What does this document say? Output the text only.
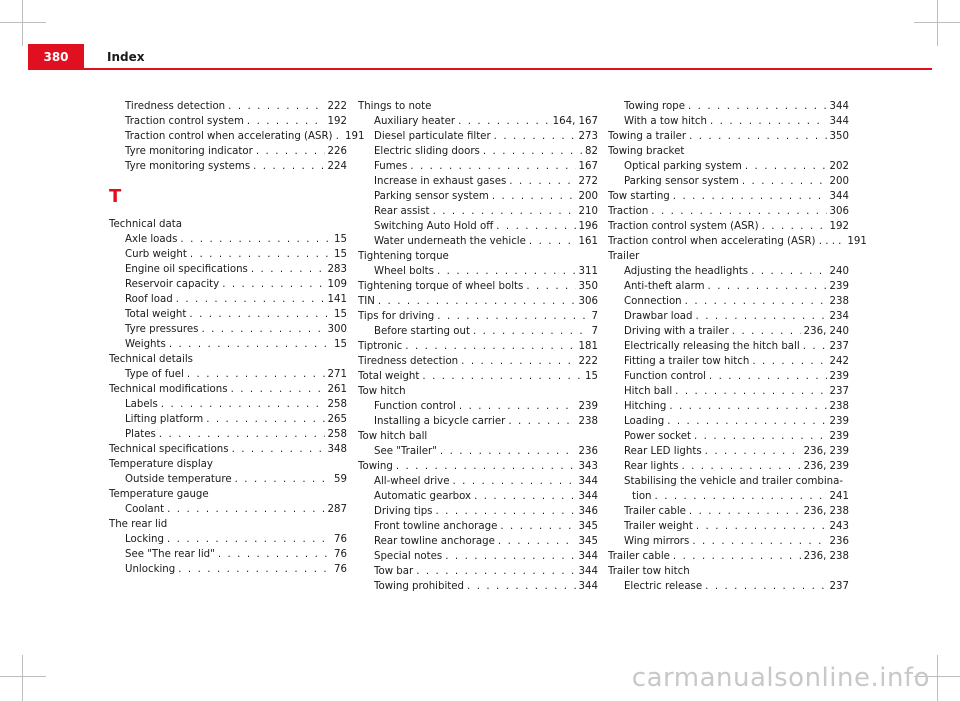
380	Index
Tiredness detection . . .	222
Traction control system . . .	192
Traction control when accelerating (ASR) . 191
Tyre monitoring indicator . . .	226
Tyre monitoring systems . . .	224
T
Technical data
Axle loads . . .	15
Curb weight . . .	15
Engine oil specifications . . .	283
Reservoir capacity . . .	109
Roof load . . .	141
Total weight . . .	15
Tyre pressures . . .	300
Weights . . .	15
Technical details
Type of fuel . . .	271
Technical modifications . . .	261
Labels . . .	258
Lifting platform . . .	265
Plates . . .	258
Technical specifications . . .	348
Temperature display
Outside temperature . . .	59
Temperature gauge
Coolant . . .	287
The rear lid
Locking . . .	76
See "The rear lid" . . .	76
Unlocking . . .	76
Things to note
Auxiliary heater . . .	164, 167
Diesel particulate filter . . .	273
Electric sliding doors . . .	82
Fumes . . .	167
Increase in exhaust gases . . .	272
Parking sensor system . . .	200
Rear assist . . .	210
Switching Auto Hold off . . .	196
Water underneath the vehicle . . .	161
Tightening torque
Wheel bolts . . .	311
Tightening torque of wheel bolts . . .	350
TIN . . .	306
Tips for driving . . .	7
Before starting out . . .	7
Tiptronic . . .	181
Tiredness detection . . .	222
Total weight . . .	15
Tow hitch
Function control . . .	239
Installing a bicycle carrier . . .	238
Tow hitch ball
See "Trailer" . . .	236
Towing . . .	343
All-wheel drive . . .	344
Automatic gearbox . . .	344
Driving tips . . .	346
Front towline anchorage . . .	345
Rear towline anchorage . . .	345
Special notes . . .	344
Tow bar . . .	344
Towing prohibited . . .	344
Towing rope . . .	344
With a tow hitch . . .	344
Towing a trailer . . .	350
Towing bracket
Optical parking system . . .	202
Parking sensor system . . .	200
Tow starting . . .	344
Traction . . .	306
Traction control system (ASR) . . .	192
Traction control when accelerating (ASR) . . . . 191
Trailer
Adjusting the headlights . . .	240
Anti-theft alarm . . .	239
Connection . . .	238
Drawbar load . . .	234
Driving with a trailer . . .	236, 240
Electrically releasing the hitch ball . . .	237
Fitting a trailer tow hitch . . .	242
Function control . . .	239
Hitch ball . . .	237
Hitching . . .	238
Loading . . .	239
Power socket . . .	239
Rear LED lights . . .	236, 239
Rear lights . . .	236, 239
Stabilising the vehicle and trailer combina-
tion . . .	241
Trailer cable . . .	236, 238
Trailer weight . . .	243
Wing mirrors . . .	236
Trailer cable . . .	236, 238
Trailer tow hitch
Electric release . . .	237
carmanualsonline.info
